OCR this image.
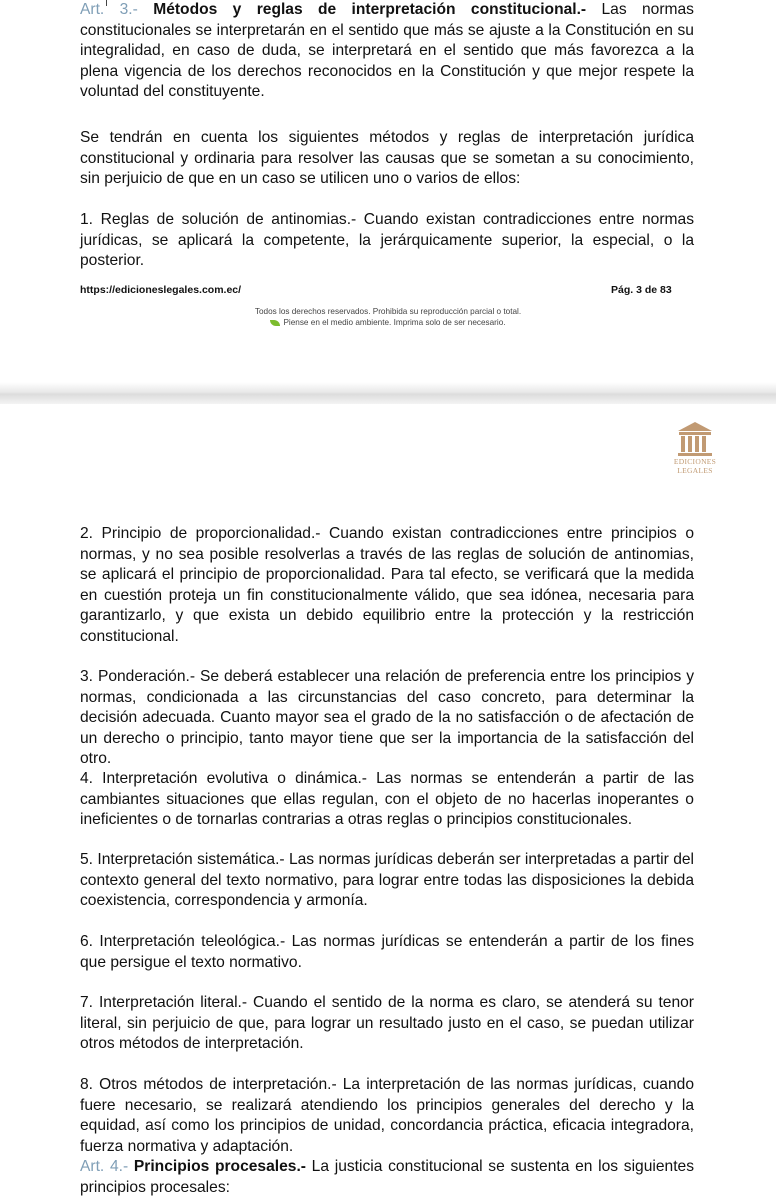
Art. 3.- Métodos y reglas de interpretación constitucional.- Las normas constitucionales se interpretarán en el sentido que más se ajuste a la Constitución en su integralidad, en caso de duda, se interpretará en el sentido que más favorezca a la plena vigencia de los derechos reconocidos en la Constitución y que mejor respete la voluntad del constituyente.

Se tendrán en cuenta los siguientes métodos y reglas de interpretación jurídica constitucional y ordinaria para resolver las causas que se sometan a su conocimiento, sin perjuicio de que en un caso se utilicen uno o varios de ellos:

1. Reglas de solución de antinomias.- Cuando existan contradicciones entre normas jurídicas, se aplicará la competente, la jerárquicamente superior, la especial, o la posterior.

https://edicioneslegales.com.ec/	Pág. 3 de 83
Todos los derechos reservados. Prohibida su reproducción parcial o total.
Piense en el medio ambiente. Imprima solo de ser necesario.
EDICIONES
LEGALES

2. Principio de proporcionalidad.- Cuando existan contradicciones entre principios o normas, y no sea posible resolverlas a través de las reglas de solución de antinomias, se aplicará el principio de proporcionalidad. Para tal efecto, se verificará que la medida en cuestión proteja un fin constitucionalmente válido, que sea idónea, necesaria para garantizarlo, y que exista un debido equilibrio entre la protección y la restricción constitucional.

3. Ponderación.- Se deberá establecer una relación de preferencia entre los principios y normas, condicionada a las circunstancias del caso concreto, para determinar la decisión adecuada. Cuanto mayor sea el grado de la no satisfacción o de afectación de un derecho o principio, tanto mayor tiene que ser la importancia de la satisfacción del otro.

4. Interpretación evolutiva o dinámica.- Las normas se entenderán a partir de las cambiantes situaciones que ellas regulan, con el objeto de no hacerlas inoperantes o ineficientes o de tornarlas contrarias a otras reglas o principios constitucionales.

5. Interpretación sistemática.- Las normas jurídicas deberán ser interpretadas a partir del contexto general del texto normativo, para lograr entre todas las disposiciones la debida coexistencia, correspondencia y armonía.

6. Interpretación teleológica.- Las normas jurídicas se entenderán a partir de los fines que persigue el texto normativo.

7. Interpretación literal.- Cuando el sentido de la norma es claro, se atenderá su tenor literal, sin perjuicio de que, para lograr un resultado justo en el caso, se puedan utilizar otros métodos de interpretación.

8. Otros métodos de interpretación.- La interpretación de las normas jurídicas, cuando fuere necesario, se realizará atendiendo los principios generales del derecho y la equidad, así como los principios de unidad, concordancia práctica, eficacia integradora, fuerza normativa y adaptación.

Art. 4.- Principios procesales.- La justicia constitucional se sustenta en los siguientes principios procesales:
